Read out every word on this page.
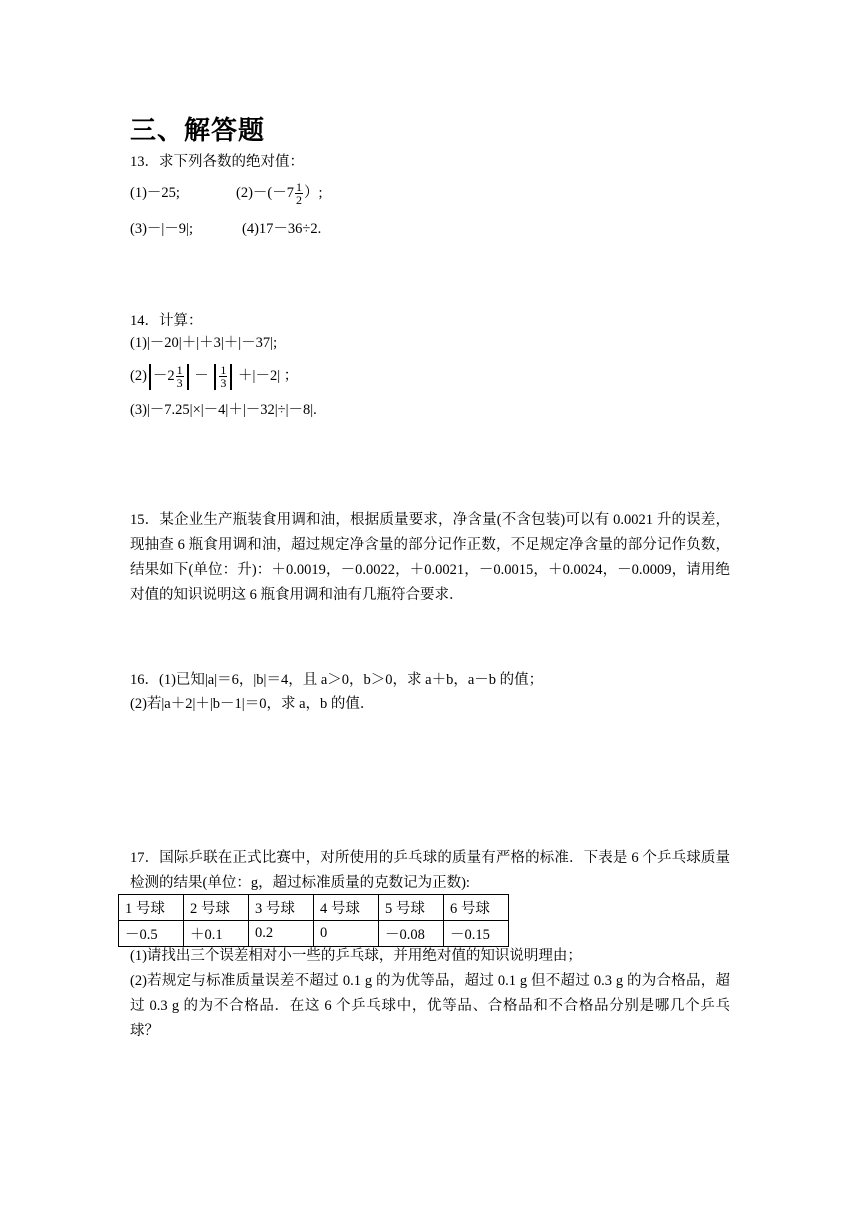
三、解答题
13．求下列各数的绝对值：
(1)－25;	$(2)-(-7 \frac{1}{2}$ ）;
(3)－|－9|;	(4)17－36÷2.
14．计算：
(1)|－20|＋|＋3|＋|－37|;
$(2) -2 \frac{1}{3} - \frac{1}{3} +|-2|$ ；
(3)|－7.25|×|－4|＋|－32|÷|－8|.
15．某企业生产瓶装食用调和油，根据质量要求，净含量(不含包装)可以有 0.0021 升的误差，现抽查 6 瓶食用调和油，超过规定净含量的部分记作正数，不足规定净含量的部分记作负数，结果如下(单位：升)：＋0.0019，－0.0022，＋0.0021，－0.0015，＋0.0024，－0.0009，请用绝对值的知识说明这 6 瓶食用调和油有几瓶符合要求．
16．(1)已知|a|＝6，|b|＝4，且 a＞0，b＞0，求 a＋b，a－b 的值；
(2)若|a＋2|＋|b－1|＝0，求 a，b 的值．
17．国际乒联在正式比赛中，对所使用的乒乓球的质量有严格的标准．下表是 6 个乒乓球质量检测的结果(单位：g，超过标准质量的克数记为正数):
1 号球	2 号球	3 号球	4 号球	5 号球	6 号球
－0.5	＋0.1	0.2	0	－0.08	－0.15
(1)请找出三个误差相对小一些的乒乓球，并用绝对值的知识说明理由；
(2)若规定与标准质量误差不超过 0.1 g 的为优等品，超过 0.1 g 但不超过 0.3 g 的为合格品，超过 0.3 g 的为不合格品．在这 6 个乒乓球中，优等品、合格品和不合格品分别是哪几个乒乓球？
